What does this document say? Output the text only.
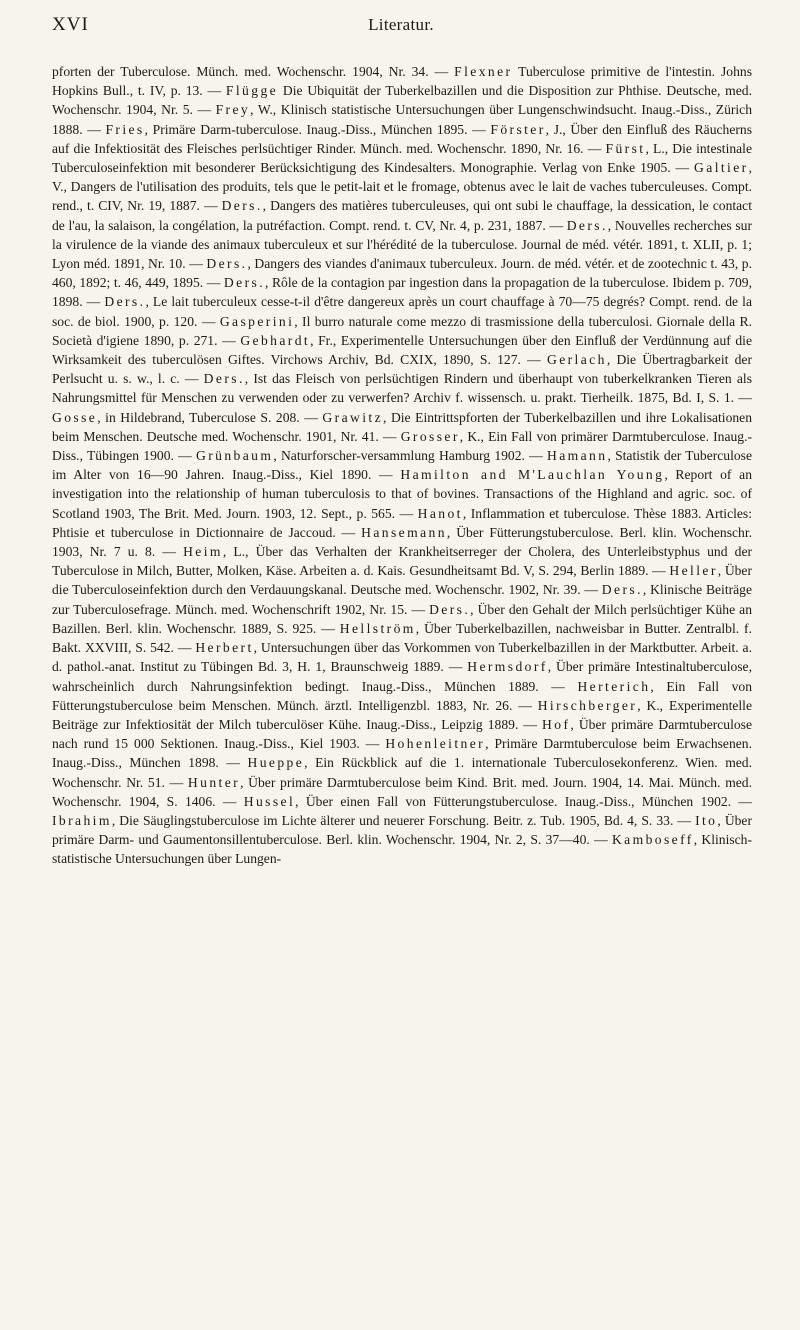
XVI	Literatur.

pforten der Tuberculose. Münch. med. Wochenschr. 1904, Nr. 34. — Flexner Tuberculose primitive de l'intestin. Johns Hopkins Bull., t. IV, p. 13. — Flügge Die Ubiquität der Tuberkelbazillen und die Disposition zur Phthise. Deutsche, med. Wochenschr. 1904, Nr. 5. — Frey, W., Klinisch statistische Untersuchungen über Lungenschwindsucht. Inaug.-Diss., Zürich 1888. — Fries, Primäre Darm-tuberculose. Inaug.-Diss., München 1895. — Förster, J., Über den Einfluß des Räucherns auf die Infektiosität des Fleisches perlsüchtiger Rinder. Münch. med. Wochenschr. 1890, Nr. 16. — Fürst, L., Die intestinale Tuberculoseinfektion mit besonderer Berücksichtigung des Kindesalters. Monographie. Verlag von Enke 1905. — Galtier, V., Dangers de l'utilisation des produits, tels que le petit-lait et le fromage, obtenus avec le lait de vaches tuberculeuses. Compt. rend., t. CIV, Nr. 19, 1887. — Ders., Dangers des matières tuberculeuses, qui ont subi le chauffage, la dessication, le contact de l'au, la salaison, la congélation, la putréfaction. Compt. rend. t. CV, Nr. 4, p. 231, 1887. — Ders., Nouvelles recherches sur la virulence de la viande des animaux tuberculeux et sur l'hérédité de la tuberculose. Journal de méd. vétér. 1891, t. XLII, p. 1; Lyon méd. 1891, Nr. 10. — Ders., Dangers des viandes d'animaux tuberculeux. Journ. de méd. vétér. et de zootechnic t. 43, p. 460, 1892; t. 46, 449, 1895. — Ders., Rôle de la contagion par ingestion dans la propagation de la tuberculose. Ibidem p. 709, 1898. — Ders., Le lait tuberculeux cesse-t-il d'être dangereux après un court chauffage à 70—75 degrés? Compt. rend. de la soc. de biol. 1900, p. 120. — Gasperini, Il burro naturale come mezzo di trasmissione della tuberculosi. Giornale della R. Società d'igiene 1890, p. 271. — Gebhardt, Fr., Experimentelle Untersuchungen über den Einfluß der Verdünnung auf die Wirksamkeit des tuberculösen Giftes. Virchows Archiv, Bd. CXIX, 1890, S. 127. — Gerlach, Die Übertragbarkeit der Perlsucht u. s. w., l. c. — Ders., Ist das Fleisch von perlsüchtigen Rindern und überhaupt von tuberkelkranken Tieren als Nahrungsmittel für Menschen zu verwenden oder zu verwerfen? Archiv f. wissensch. u. prakt. Tierheilk. 1875, Bd. I, S. 1. — Gosse, in Hildebrand, Tuberculose S. 208. — Grawitz, Die Eintrittspforten der Tuberkelbazillen und ihre Lokalisationen beim Menschen. Deutsche med. Wochenschr. 1901, Nr. 41. — Grosser, K., Ein Fall von primärer Darmtuberculose. Inaug.-Diss., Tübingen 1900. — Grünbaum, Naturforscher-versammlung Hamburg 1902. — Hamann, Statistik der Tuberculose im Alter von 16—90 Jahren. Inaug.-Diss., Kiel 1890. — Hamilton and M'Lauchlan Young, Report of an investigation into the relationship of human tuberculosis to that of bovines. Transactions of the Highland and agric. soc. of Scotland 1903, The Brit. Med. Journ. 1903, 12. Sept., p. 565. — Hanot, Inflammation et tuberculose. Thèse 1883. Articles: Phtisie et tuberculose in Dictionnaire de Jaccoud. — Hansemann, Über Fütterungstuberculose. Berl. klin. Wochenschr. 1903, Nr. 7 u. 8. — Heim, L., Über das Verhalten der Krankheitserreger der Cholera, des Unterleibstyphus und der Tuberculose in Milch, Butter, Molken, Käse. Arbeiten a. d. Kais. Gesundheitsamt Bd. V, S. 294, Berlin 1889. — Heller, Über die Tuberculoseinfektion durch den Verdauungskanal. Deutsche med. Wochenschr. 1902, Nr. 39. — Ders., Klinische Beiträge zur Tuberculosefrage. Münch. med. Wochenschrift 1902, Nr. 15. — Ders., Über den Gehalt der Milch perlsüchtiger Kühe an Bazillen. Berl. klin. Wochenschr. 1889, S. 925. — Hellström, Über Tuberkelbazillen, nachweisbar in Butter. Zentralbl. f. Bakt. XXVIII, S. 542. — Herbert, Untersuchungen über das Vorkommen von Tuberkelbazillen in der Marktbutter. Arbeit. a. d. pathol.-anat. Institut zu Tübingen Bd. 3, H. 1, Braunschweig 1889. — Hermsdorf, Über primäre Intestinaltuberculose, wahrscheinlich durch Nahrungsinfektion bedingt. Inaug.-Diss., München 1889. — Herterich, Ein Fall von Fütterungstuberculose beim Menschen. Münch. ärztl. Intelligenzbl. 1883, Nr. 26. — Hirschberger, K., Experimentelle Beiträge zur Infektiosität der Milch tuberculöser Kühe. Inaug.-Diss., Leipzig 1889. — Hof, Über primäre Darmtuberculose nach rund 15 000 Sektionen. Inaug.-Diss., Kiel 1903. — Hohenleitner, Primäre Darmtuberculose beim Erwachsenen. Inaug.-Diss., München 1898. — Hueppe, Ein Rückblick auf die 1. internationale Tuberculosekonferenz. Wien. med. Wochenschr. Nr. 51. — Hunter, Über primäre Darmtuberculose beim Kind. Brit. med. Journ. 1904, 14. Mai. Münch. med. Wochenschr. 1904, S. 1406. — Hussel, Über einen Fall von Fütterungstuberculose. Inaug.-Diss., München 1902. — Ibrahim, Die Säuglingstuberculose im Lichte älterer und neuerer Forschung. Beitr. z. Tub. 1905, Bd. 4, S. 33. — Ito, Über primäre Darm- und Gaumentonsillentuberculose. Berl. klin. Wochenschr. 1904, Nr. 2, S. 37—40. — Kamboseff, Klinisch-statistische Untersuchungen über Lungen-
